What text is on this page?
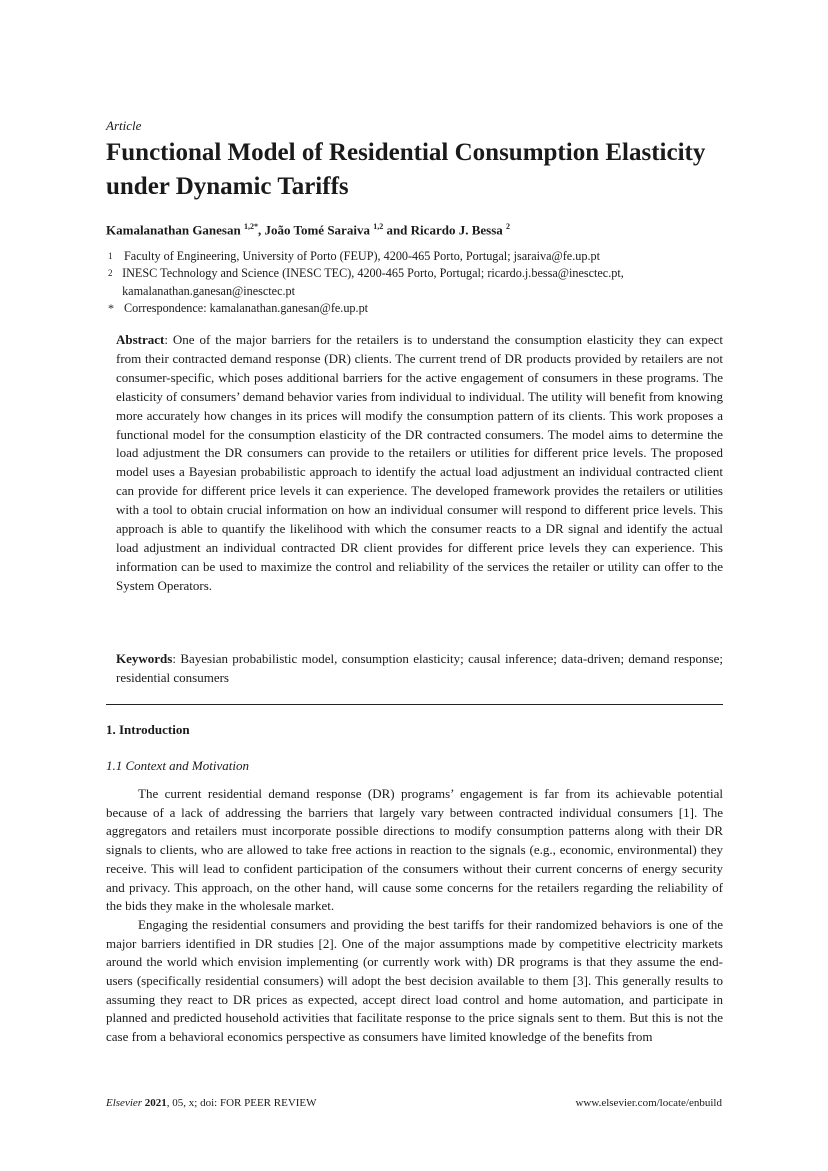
Article
Functional Model of Residential Consumption Elasticity under Dynamic Tariffs
Kamalanathan Ganesan $^{1,2*}$, João Tomé Saraiva $^{1,2}$ and Ricardo J. Bessa $^2$
1 Faculty of Engineering, University of Porto (FEUP), 4200-465 Porto, Portugal; jsaraiva@fe.up.pt
2 INESC Technology and Science (INESC TEC), 4200-465 Porto, Portugal; ricardo.j.bessa@inesctec.pt, kamalanathan.ganesan@inesctec.pt
* Correspondence: kamalanathan.ganesan@fe.up.pt

Abstract: One of the major barriers for the retailers is to understand the consumption elasticity they can expect from their contracted demand response (DR) clients. The current trend of DR products provided by retailers are not consumer-specific, which poses additional barriers for the active engagement of consumers in these programs. The elasticity of consumers’ demand behavior varies from individual to individual. The utility will benefit from knowing more accurately how changes in its prices will modify the consumption pattern of its clients. This work proposes a functional model for the consumption elasticity of the DR contracted consumers. The model aims to determine the load adjustment the DR consumers can provide to the retailers or utilities for different price levels. The proposed model uses a Bayesian probabilistic approach to identify the actual load adjustment an individual contracted client can provide for different price levels it can experience. The developed framework provides the retailers or utilities with a tool to obtain crucial information on how an individual consumer will respond to different price levels. This approach is able to quantify the likelihood with which the consumer reacts to a DR signal and identify the actual load adjustment an individual contracted DR client provides for different price levels they can experience. This information can be used to maximize the control and reliability of the services the retailer or utility can offer to the System Operators.

Keywords: Bayesian probabilistic model, consumption elasticity; causal inference; data-driven; demand response; residential consumers

1. Introduction
1.1 Context and Motivation

The current residential demand response (DR) programs’ engagement is far from its achievable potential because of a lack of addressing the barriers that largely vary between contracted individual consumers [1]. The aggregators and retailers must incorporate possible directions to modify consumption patterns along with their DR signals to clients, who are allowed to take free actions in reaction to the signals (e.g., economic, environmental) they receive. This will lead to confident participation of the consumers without their current concerns of energy security and privacy. This approach, on the other hand, will cause some concerns for the retailers regarding the reliability of the bids they make in the wholesale market.

Engaging the residential consumers and providing the best tariffs for their randomized behaviors is one of the major barriers identified in DR studies [2]. One of the major assumptions made by competitive electricity markets around the world which envision implementing (or currently work with) DR programs is that they assume the end-users (specifically residential consumers) will adopt the best decision available to them [3]. This generally results to assuming they react to DR prices as expected, accept direct load control and home automation, and participate in planned and predicted household activities that facilitate response to the price signals sent to them. But this is not the case from a behavioral economics perspective as consumers have limited knowledge of the benefits from

Elsevier 2021, 05, x; doi: FOR PEER REVIEW	www.elsevier.com/locate/enbuild
